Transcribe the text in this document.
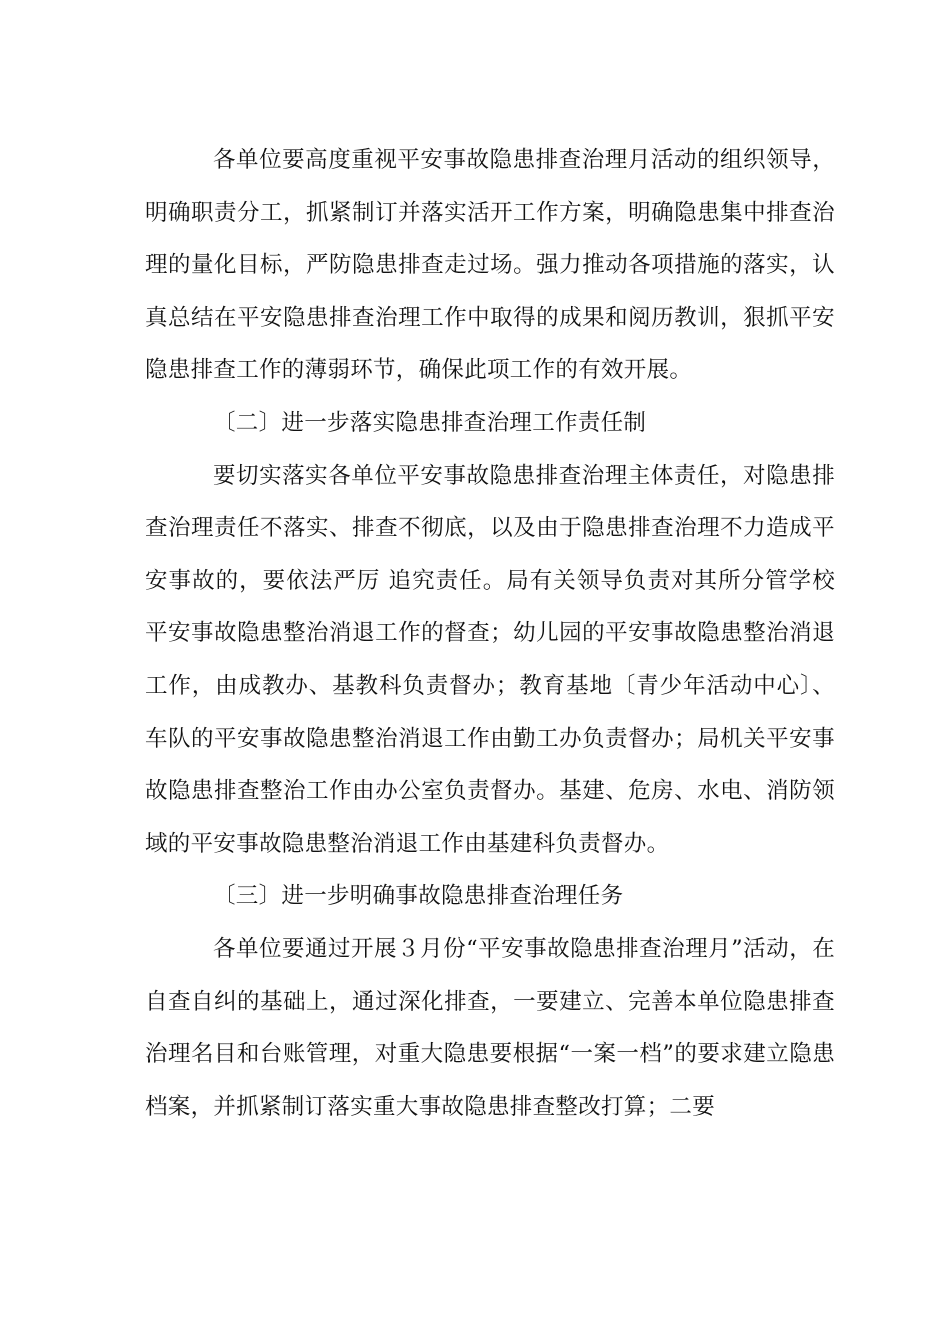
各单位要高度重视平安事故隐患排查治理月活动的组织领导，明确职责分工，抓紧制订并落实活开工作方案，明确隐患集中排查治理的量化目标，严防隐患排查走过场。强力推动各项措施的落实，认真总结在平安隐患排查治理工作中取得的成果和阅历教训，狠抓平安隐患排查工作的薄弱环节，确保此项工作的有效开展。

〔二〕进一步落实隐患排查治理工作责任制

要切实落实各单位平安事故隐患排查治理主体责任，对隐患排查治理责任不落实、排查不彻底，以及由于隐患排查治理不力造成平安事故的，要依法严厉 追究责任。局有关领导负责对其所分管学校平安事故隐患整治消退工作的督查；幼儿园的平安事故隐患整治消退工作，由成教办、基教科负责督办；教育基地〔青少年活动中心〕、车队的平安事故隐患整治消退工作由勤工办负责督办；局机关平安事故隐患排查整治工作由办公室负责督办。基建、危房、水电、消防领域的平安事故隐患整治消退工作由基建科负责督办。

〔三〕进一步明确事故隐患排查治理任务

各单位要通过开展３月份“平安事故隐患排查治理月”活动，在自查自纠的基础上，通过深化排查，一要建立、完善本单位隐患排查治理名目和台账管理，对重大隐患要根据“一案一档”的要求建立隐患档案，并抓紧制订落实重大事故隐患排查整改打算；二要
